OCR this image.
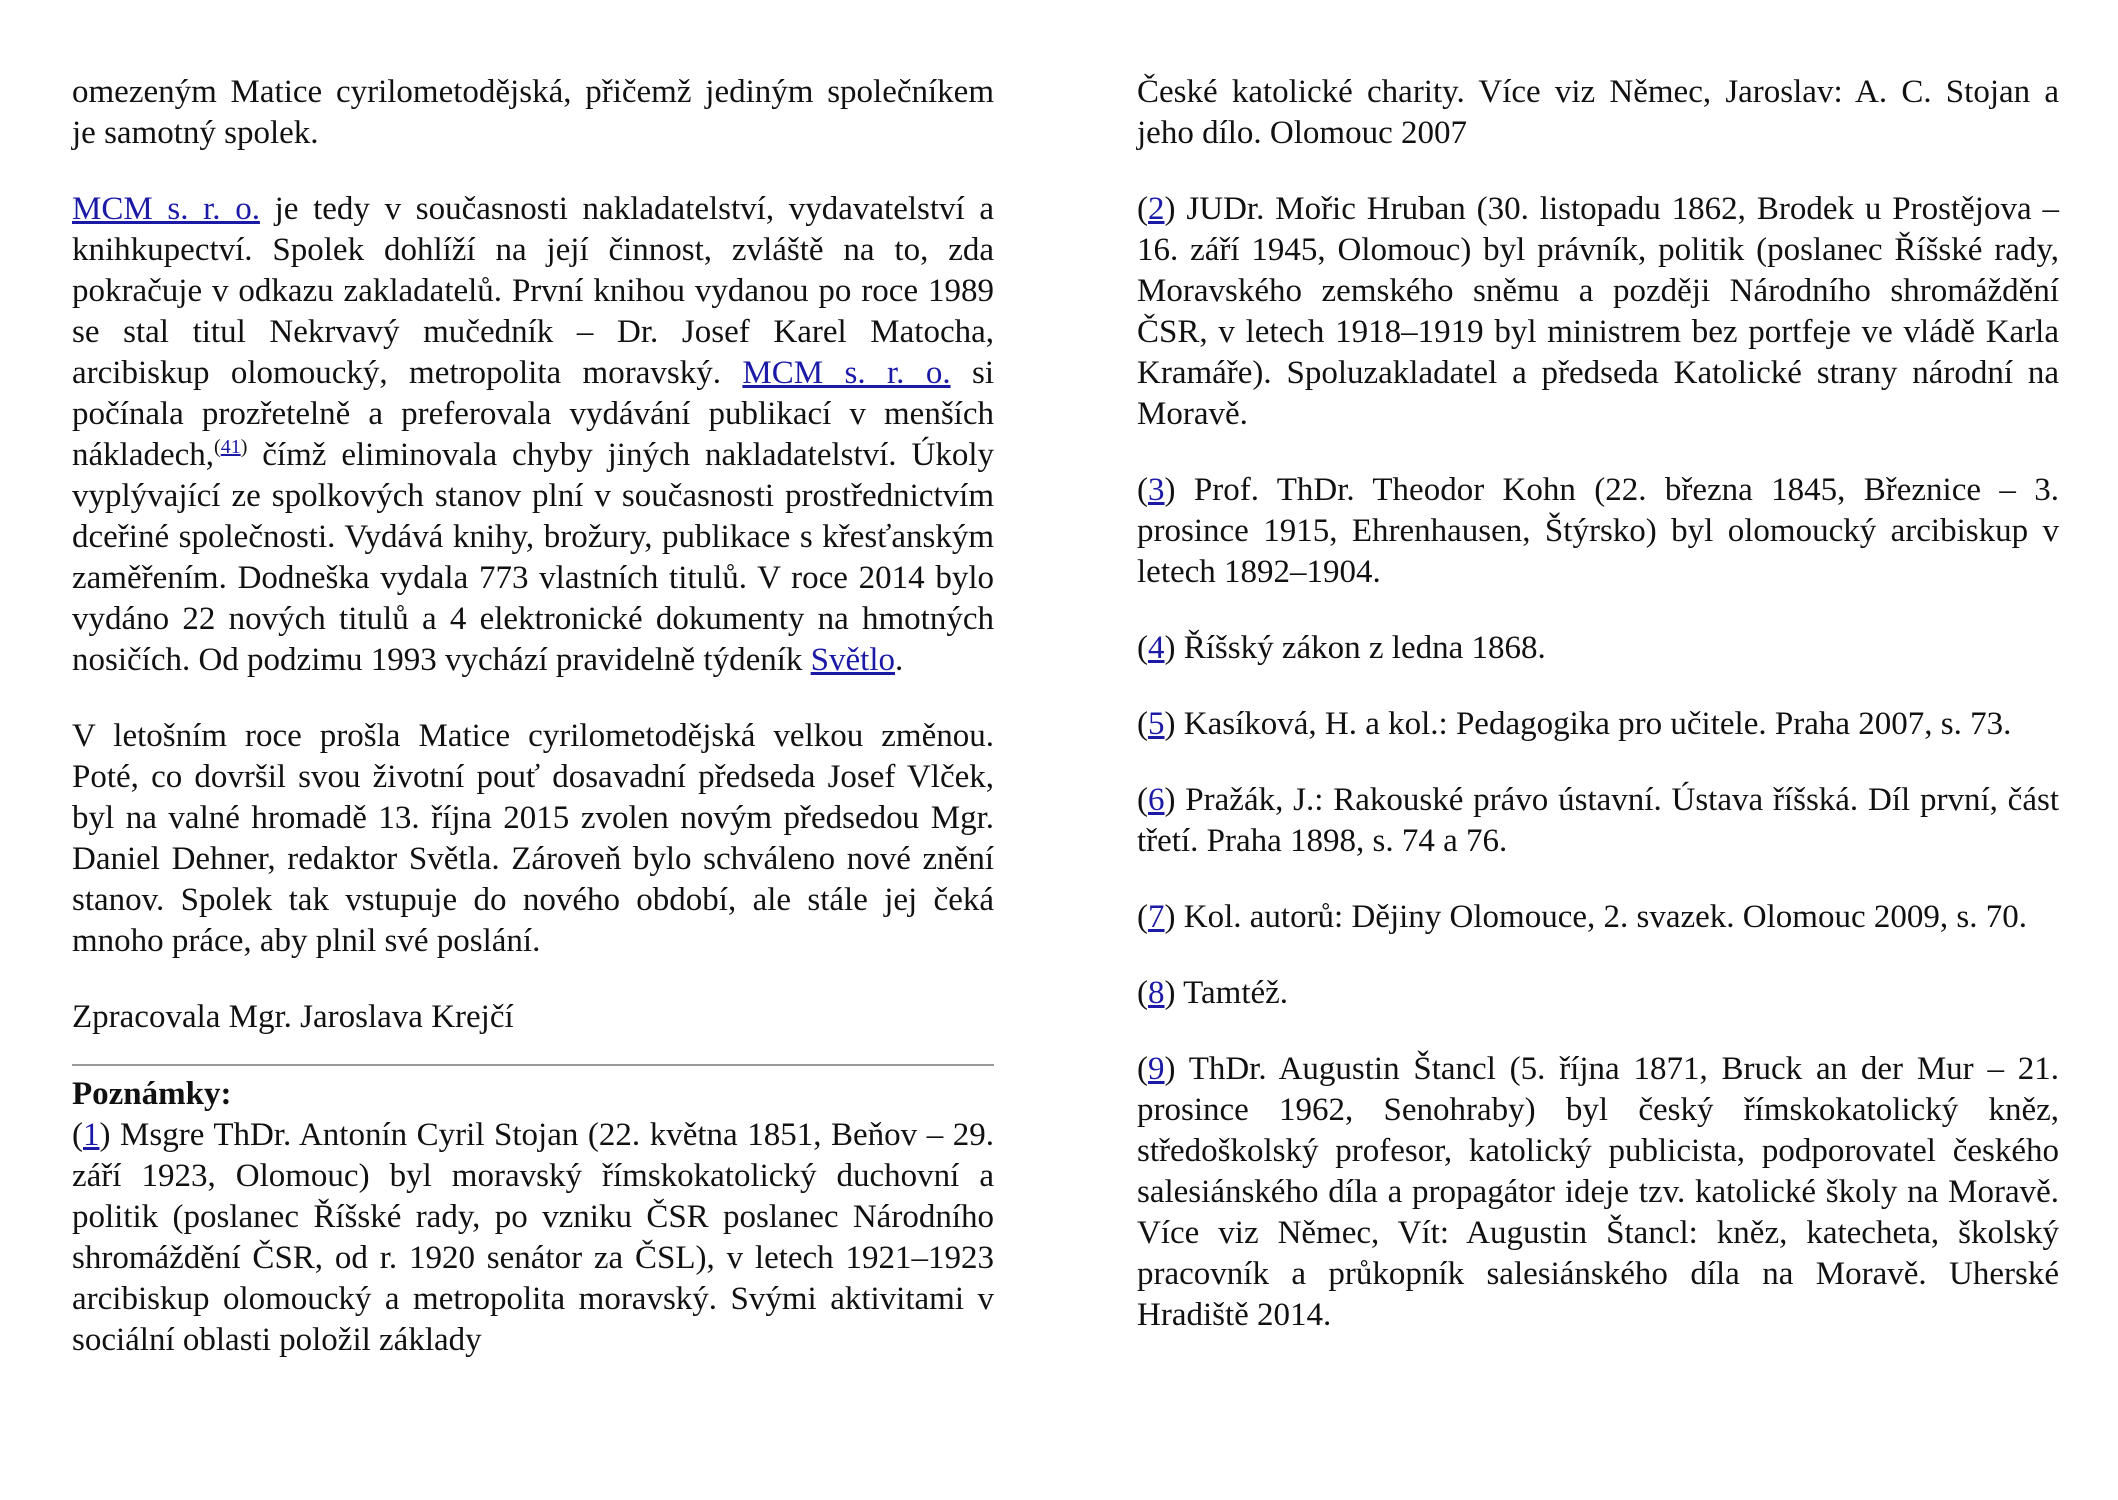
omezeným Matice cyrilometodějská, přičemž jediným společníkem je samotný spolek.

MCM s. r. o. je tedy v současnosti nakladatelství, vydavatelství a knihkupectví. Spolek dohlíží na její činnost, zvláště na to, zda pokračuje v odkazu zakladatelů. První knihou vydanou po roce 1989 se stal titul Nekrvavý mučedník – Dr. Josef Karel Matocha, arcibiskup olomoucký, metropolita moravský. MCM s. r. o. si počínala prozřetelně a preferovala vydávání publikací v menších nákladech,$^{(41)}$ čímž eliminovala chyby jiných nakladatelství. Úkoly vyplývající ze spolkových stanov plní v současnosti prostřednictvím dceřiné společnosti. Vydává knihy, brožury, publikace s křesťanským zaměřením. Dodneška vydala 773 vlastních titulů. V roce 2014 bylo vydáno 22 nových titulů a 4 elektronické dokumenty na hmotných nosičích. Od podzimu 1993 vychází pravidelně týdeník Světlo.

V letošním roce prošla Matice cyrilometodějská velkou změnou. Poté, co dovršil svou životní pouť dosavadní předseda Josef Vlček, byl na valné hromadě 13. října 2015 zvolen novým předsedou Mgr. Daniel Dehner, redaktor Světla. Zároveň bylo schváleno nové znění stanov. Spolek tak vstupuje do nového období, ale stále jej čeká mnoho práce, aby plnil své poslání.

Zpracovala Mgr. Jaroslava Krejčí

Poznámky:

(1) Msgre ThDr. Antonín Cyril Stojan (22. května 1851, Beňov – 29. září 1923, Olomouc) byl moravský římskokatolický duchovní a politik (poslanec Říšské rady, po vzniku ČSR poslanec Národního shromáždění ČSR, od r. 1920 senátor za ČSL), v letech 1921–1923 arcibiskup olomoucký a metropolita moravský. Svými aktivitami v sociální oblasti položil základy

České katolické charity. Více viz Němec, Jaroslav: A. C. Stojan a jeho dílo. Olomouc 2007

(2) JUDr. Mořic Hruban (30. listopadu 1862, Brodek u Prostějova – 16. září 1945, Olomouc) byl právník, politik (poslanec Říšské rady, Moravského zemského sněmu a později Národního shromáždění ČSR, v letech 1918–1919 byl ministrem bez portfeje ve vládě Karla Kramáře). Spoluzakladatel a předseda Katolické strany národní na Moravě.

(3) Prof. ThDr. Theodor Kohn (22. března 1845, Březnice – 3. prosince 1915, Ehrenhausen, Štýrsko) byl olomoucký arcibiskup v letech 1892–1904.

(4) Říšský zákon z ledna 1868.

(5) Kasíková, H. a kol.: Pedagogika pro učitele. Praha 2007, s. 73.

(6) Pražák, J.: Rakouské právo ústavní. Ústava říšská. Díl první, část třetí. Praha 1898, s. 74 a 76.

(7) Kol. autorů: Dějiny Olomouce, 2. svazek. Olomouc 2009, s. 70.

(8) Tamtéž.

(9) ThDr. Augustin Štancl (5. října 1871, Bruck an der Mur – 21. prosince 1962, Senohraby) byl český římskokatolický kněz, středoškolský profesor, katolický publicista, podporovatel českého salesiánského díla a propagátor ideje tzv. katolické školy na Moravě. Více viz Němec, Vít: Augustin Štancl: kněz, katecheta, školský pracovník a průkopník salesiánského díla na Moravě. Uherské Hradiště 2014.
